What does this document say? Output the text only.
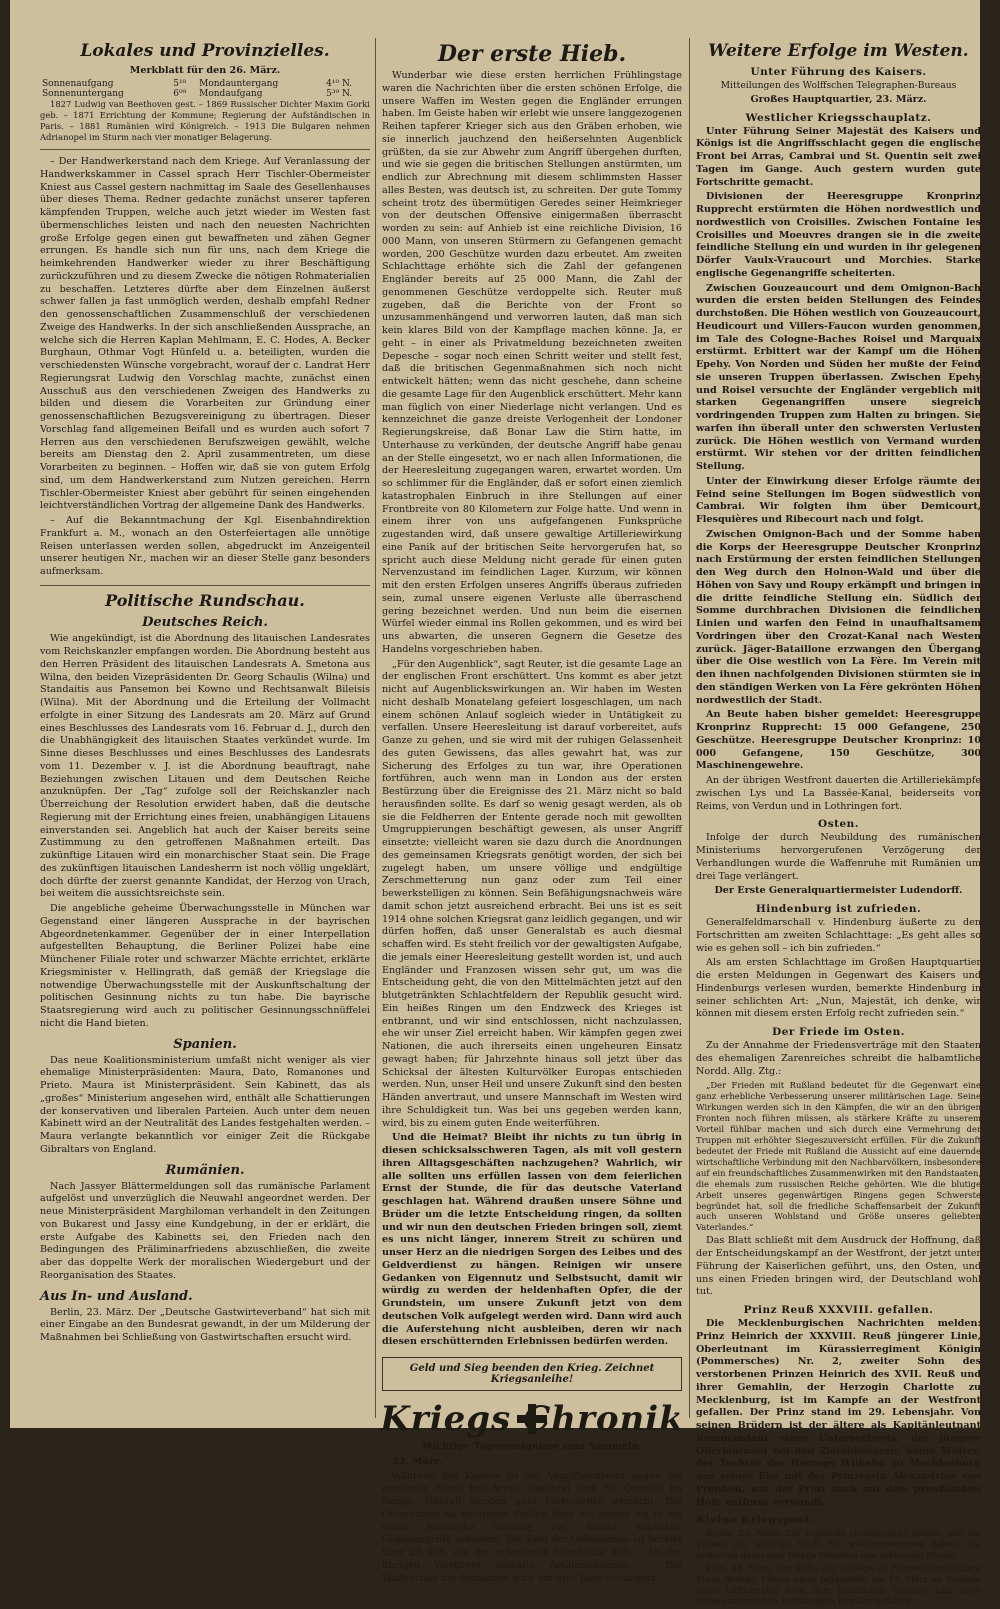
Lokales und Provinzielles.

Merkblatt für den 26. März.

Sonnenaufgang	5¹⁸	Mondauntergang	4¹⁰ N.
Sonnenuntergang	6⁰⁹	Mondaufgang	5³⁹ N.

1827 Ludwig van Beethoven gest. – 1869 Russischer Dichter Maxim Gorki geb. – 1871 Errichtung der Kommune; Regierung der Aufständischen in Paris. – 1881 Rumänien wird Königreich. – 1913 Die Bulgaren nehmen Adrianopel im Sturm nach vier monatiger Belagerung.

– Der Handwerkerstand nach dem Kriege. Auf Veranlassung der Handwerkskammer in Cassel sprach Herr Tischler-Obermeister Kniest aus Cassel gestern nachmittag im Saale des Gesellenhauses über dieses Thema. Redner gedachte zunächst unserer tapferen kämpfenden Truppen, welche auch jetzt wieder im Westen fast übermenschliches leisten und nach den neuesten Nachrichten große Erfolge gegen einen gut bewaffneten und zähen Gegner errungen. Es handle sich nun für uns, nach dem Kriege die heimkehrenden Handwerker wieder zu ihrer Beschäftigung zurückzuführen und zu diesem Zwecke die nötigen Rohmaterialien zu beschaffen. Letzteres dürfte aber dem Einzelnen äußerst schwer fallen ja fast unmöglich werden, deshalb empfahl Redner den genossenschaftlichen Zusammenschluß der verschiedenen Zweige des Handwerks. In der sich anschließenden Aussprache, an welche sich die Herren Kaplan Mehlmann, E. C. Hodes, A. Becker Burghaun, Othmar Vogt Hünfeld u. a. beteiligten, wurden die verschiedensten Wünsche vorgebracht, worauf der c. Landrat Herr Regierungsrat Ludwig den Vorschlag machte, zunächst einen Ausschuß aus den verschiedenen Zweigen des Handwerks zu bilden und diesem die Vorarbeiten zur Gründung einer genossenschaftlichen Bezugsvereinigung zu übertragen. Dieser Vorschlag fand allgemeinen Beifall und es wurden auch sofort 7 Herren aus den verschiedenen Berufszweigen gewählt, welche bereits am Dienstag den 2. April zusammentreten, um diese Vorarbeiten zu beginnen. – Hoffen wir, daß sie von gutem Erfolg sind, um dem Handwerkerstand zum Nutzen gereichen. Herrn Tischler-Obermeister Kniest aber gebührt für seinen eingehenden leichtverständlichen Vortrag der allgemeine Dank des Handwerks.

– Auf die Bekanntmachung der Kgl. Eisenbahndirektion Frankfurt a. M., wonach an den Osterfeiertagen alle unnötige Reisen unterlassen werden sollen, abgedruckt im Anzeigenteil unserer heutigen Nr., machen wir an dieser Stelle ganz besonders aufmerksam.

Politische Rundschau.
Deutsches Reich.

Wie angekündigt, ist die Abordnung des litauischen Landesrates vom Reichskanzler empfangen worden. Die Abordnung besteht aus den Herren Präsident des litauischen Landesrats A. Smetona aus Wilna, den beiden Vizepräsidenten Dr. Georg Schaulis (Wilna) und Standaitis aus Pansemon bei Kowno und Rechtsanwalt Bileisis (Wilna). Mit der Abordnung und die Erteilung der Vollmacht erfolgte in einer Sitzung des Landesrats am 20. März auf Grund eines Beschlusses des Landesrats vom 16. Februar d. J., durch den die Unabhängigkeit des litauischen Staates verkündet wurde. Im Sinne dieses Beschlusses und eines Beschlusses des Landesrats vom 11. Dezember v. J. ist die Abordnung beauftragt, nahe Beziehungen zwischen Litauen und dem Deutschen Reiche anzuknüpfen. Der „Tag“ zufolge soll der Reichskanzler nach Überreichung der Resolution erwidert haben, daß die deutsche Regierung mit der Errichtung eines freien, unabhängigen Litauens einverstanden sei. Angeblich hat auch der Kaiser bereits seine Zustimmung zu den getroffenen Maßnahmen erteilt. Das zukünftige Litauen wird ein monarchischer Staat sein. Die Frage des zukünftigen litauischen Landesherrn ist noch völlig ungeklärt, doch dürfte der zuerst genannte Kandidat, der Herzog von Urach, bei weitem die aussichtsreichste sein.

Die angebliche geheime Überwachungsstelle in München war Gegenstand einer längeren Aussprache in der bayrischen Abgeordnetenkammer. Gegenüber der in einer Interpellation aufgestellten Behauptung, die Berliner Polizei habe eine Münchener Filiale roter und schwarzer Mächte errichtet, erklärte Kriegsminister v. Hellingrath, daß gemäß der Kriegslage die notwendige Überwachungsstelle mit der Auskunftschaltung der politischen Gesinnung nichts zu tun habe. Die bayrische Staatsregierung wird auch zu politischer Gesinnungsschnüffelei nicht die Hand bieten.

Spanien.

Das neue Koalitionsministerium umfaßt nicht weniger als vier ehemalige Ministerpräsidenten: Maura, Dato, Romanones und Prieto. Maura ist Ministerpräsident. Sein Kabinett, das als „großes“ Ministerium angesehen wird, enthält alle Schattierungen der konservativen und liberalen Parteien. Auch unter dem neuen Kabinett wird an der Neutralität des Landes festgehalten werden. – Maura verlangte bekanntlich vor einiger Zeit die Rückgabe Gibraltars von England.

Rumänien.

Nach Jassyer Blättermeldungen soll das rumänische Parlament aufgelöst und unverzüglich die Neuwahl angeordnet werden. Der neue Ministerpräsident Marghiloman verhandelt in den Zeitungen von Bukarest und Jassy eine Kundgebung, in der er erklärt, die erste Aufgabe des Kabinetts sei, den Frieden nach den Bedingungen des Präliminarfriedens abzuschließen, die zweite aber das doppelte Werk der moralischen Wiedergeburt und der Reorganisation des Staates.

Aus In- und Ausland.

Berlin, 23. März. Der „Deutsche Gastwirteverband“ hat sich mit einer Eingabe an den Bundesrat gewandt, in der um Milderung der Maßnahmen bei Schließung von Gastwirtschaften ersucht wird.

Der erste Hieb.

Wunderbar wie diese ersten herrlichen Frühlingstage waren die Nachrichten über die ersten schönen Erfolge, die unsere Waffen im Westen gegen die Engländer errungen haben. Im Geiste haben wir erlebt wie unsere langgezogenen Reihen tapferer Krieger sich aus den Gräben erhoben, wie sie innerlich jauchzend den heißersehnten Augenblick grüßten, da sie zur Abwehr zum Angriff übergehen durften, und wie sie gegen die britischen Stellungen anstürmten, um endlich zur Abrechnung mit diesem schlimmsten Hasser alles Besten, was deutsch ist, zu schreiten. Der gute Tommy scheint trotz des übermütigen Geredes seiner Heimkrieger von der deutschen Offensive einigermaßen überrascht worden zu sein: auf Anhieb ist eine reichliche Division, 16 000 Mann, von unseren Stürmern zu Gefangenen gemacht worden, 200 Geschütze wurden dazu erbeutet. Am zweiten Schlachttage erhöhte sich die Zahl der gefangenen Engländer bereits auf 25 000 Mann, die Zahl der genommenen Geschütze verdoppelte sich. Reuter muß zugeben, daß die Berichte von der Front so unzusammenhängend und verworren lauten, daß man sich kein klares Bild von der Kampflage machen könne. Ja, er geht – in einer als Privatmeldung bezeichneten zweiten Depesche – sogar noch einen Schritt weiter und stellt fest, daß die britischen Gegenmaßnahmen sich noch nicht entwickelt hätten; wenn das nicht geschehe, dann scheine die gesamte Lage für den Augenblick erschüttert. Mehr kann man füglich von einer Niederlage nicht verlangen. Und es kennzeichnet die ganze dreiste Verlogenheit der Londoner Regierungskreise, daß Bonar Law die Stirn hatte, im Unterhause zu verkünden, der deutsche Angriff habe genau an der Stelle eingesetzt, wo er nach allen Informationen, die der Heeresleitung zugegangen waren, erwartet worden. Um so schlimmer für die Engländer, daß er sofort einen ziemlich katastrophalen Einbruch in ihre Stellungen auf einer Frontbreite von 80 Kilometern zur Folge hatte. Und wenn in einem ihrer von uns aufgefangenen Funksprüche zugestanden wird, daß unsere gewaltige Artilleriewirkung eine Panik auf der britischen Seite hervorgerufen hat, so spricht auch diese Meldung nicht gerade für einen guten Nervenzustand im feindlichen Lager. Kurzum, wir können mit den ersten Erfolgen unseres Angriffs überaus zufrieden sein, zumal unsere eigenen Verluste alle überraschend gering bezeichnet werden. Und nun beim die eisernen Würfel wieder einmal ins Rollen gekommen, und es wird bei uns abwarten, die unseren Gegnern die Gesetze des Handelns vorgeschrieben haben.

„Für den Augenblick“, sagt Reuter, ist die gesamte Lage an der englischen Front erschüttert. Uns kommt es aber jetzt nicht auf Augenblickswirkungen an. Wir haben im Westen nicht deshalb Monatelang gefeiert losgeschlagen, um nach einem schönen Anlauf sogleich wieder in Untätigkeit zu verfallen. Unsere Heeresleitung ist darauf vorbereitet, aufs Ganze zu gehen, und sie wird mit der ruhigen Gelassenheit des guten Gewissens, das alles gewahrt hat, was zur Sicherung des Erfolges zu tun war, ihre Operationen fortführen, auch wenn man in London aus der ersten Bestürzung über die Ereignisse des 21. März nicht so bald herausfinden sollte. Es darf so wenig gesagt werden, als ob sie die Feldherren der Entente gerade noch mit gewollten Umgruppierungen beschäftigt gewesen, als unser Angriff einsetzte; vielleicht waren sie dazu durch die Anordnungen des gemeinsamen Kriegsrats genötigt worden, der sich bei zugelegt haben, um unsere völlige und endgültige Zerschmetterung nun ganz oder zum Teil einer bewerkstelligen zu können. Sein Befähigungsnachweis wäre damit schon jetzt ausreichend erbracht. Bei uns ist es seit 1914 ohne solchen Kriegsrat ganz leidlich gegangen, und wir dürfen hoffen, daß unser Generalstab es auch diesmal schaffen wird. Es steht freilich vor der gewaltigsten Aufgabe, die jemals einer Heeresleitung gestellt worden ist, und auch Engländer und Franzosen wissen sehr gut, um was die Entscheidung geht, die von den Mittelmächten jetzt auf den blutgetränkten Schlachtfeldern der Republik gesucht wird. Ein heißes Ringen um den Endzweck des Krieges ist entbrannt, und wir sind entschlossen, nicht nachzulassen, ehe wir unser Ziel erreicht haben. Wir kämpfen gegen zwei Nationen, die auch ihrerseits einen ungeheuren Einsatz gewagt haben; für Jahrzehnte hinaus soll jetzt über das Schicksal der ältesten Kulturvölker Europas entschieden werden. Nun, unser Heil und unsere Zukunft sind den besten Händen anvertraut, und unsere Mannschaft im Westen wird ihre Schuldigkeit tun. Was bei uns gegeben werden kann, wird, bis zu einem guten Ende weiterführen.

Und die Heimat? Bleibt ihr nichts zu tun übrig in diesen schicksalsschweren Tagen, als mit voll gestern ihren Alltagsgeschäften nachzugehen? Wahrlich, wir alle sollten uns erfüllen lassen von dem feierlichen Ernst der Stunde, die für das deutsche Vaterland geschlagen hat. Während draußen unsere Söhne und Brüder um die letzte Entscheidung ringen, da sollten und wir nun den deutschen Frieden bringen soll, ziemt es uns nicht länger, innerem Streit zu schüren und unser Herz an die niedrigen Sorgen des Leibes und des Geldverdienst zu hängen. Reinigen wir unsere Gedanken von Eigennutz und Selbstsucht, damit wir würdig zu werden der heldenhaften Opfer, die der Grundstein, um unsere Zukunft jetzt von dem deutschen Volk aufgelegt werden wird. Dann wird auch die Auferstehung nicht ausbleiben, deren wir nach diesen erschütternden Erlebnissen bedürfen werden.

Geld und Sieg beenden den Krieg. Zeichnet Kriegsanleihe!
Kriegs Chronik

Wichtige Tagesereignisse zum Sammeln.

23. März.

Während des Kaisers ist die Angriffsschlacht gegen die englische Front bei Arras, Cambrai und St. Quentin im Gange. Überall werden gute Fortschritte gemacht. Die Ortschaften an mehreren Stellen über die zweite bis in die dritte feindliche Stellung vor. Starke englische Gegenangriffe scheitern. Die Zahl der Gefangenen ist bereits über 25 000, die der erbeuteten Geschütze 400. – An der übrigen Westfront lebhafte Artilleriekämpfe. – Die Waffenruhe mit Rumänien wird um drei Tage verlängert.

Weitere Erfolge im Westen.
Unter Führung des Kaisers.

Mitteilungen des Wolffschen Telegraphen-Bureaus

Großes Hauptquartier, 23. März.

Westlicher Kriegsschauplatz.

Unter Führung Seiner Majestät des Kaisers und Königs ist die Angriffsschlacht gegen die englische Front bei Arras, Cambrai und St. Quentin seit zwei Tagen im Gange. Auch gestern wurden gute Fortschritte gemacht.

Divisionen der Heeresgruppe Kronprinz Rupprecht erstürmten die Höhen nordwestlich und nordwestlich von Croisilles. Zwischen Fontaine les Croisilles und Moeuvres drangen sie in die zweite feindliche Stellung ein und wurden in ihr gelegenen Dörfer Vaulx-Vraucourt und Morchies. Starke englische Gegenangriffe scheiterten.

Zwischen Gouzeaucourt und dem Omignon-Bach wurden die ersten beiden Stellungen des Feindes durchstoßen. Die Höhen westlich von Gouzeaucourt, Heudicourt und Villers-Faucon wurden genommen, im Tale des Cologne-Baches Roisel und Marquaix erstürmt. Erbittert war der Kampf um die Höhen Epehy. Von Norden und Süden her mußte der Feind sie unseren Truppen überlassen. Zwischen Epehy und Roisel versuchte der Engländer vergeblich mit starken Gegenangriffen unsere siegreich vordringenden Truppen zum Halten zu bringen. Sie warfen ihn überall unter den schwersten Verlusten zurück. Die Höhen westlich von Vermand wurden erstürmt. Wir stehen vor der dritten feindlichen Stellung.

Unter der Einwirkung dieser Erfolge räumte der Feind seine Stellungen im Bogen südwestlich von Cambrai. Wir folgten ihm über Demicourt, Flesquières und Ribecourt nach und folgt.

Zwischen Omignon-Bach und der Somme haben die Korps der Heeresgruppe Deutscher Kronprinz nach Erstürmung der ersten feindlichen Stellungen den Weg durch den Holnon-Wald und über die Höhen von Savy und Roupy erkämpft und bringen in die dritte feindliche Stellung ein. Südlich der Somme durchbrachen Divisionen die feindlichen Linien und warfen den Feind in unaufhaltsamem Vordringen über den Crozat-Kanal nach Westen zurück. Jäger-Bataillone erzwangen den Übergang über die Oise westlich von La Fère. Im Verein mit den ihnen nachfolgenden Divisionen stürmten sie in den ständigen Werken von La Fère gekrönten Höhen nordwestlich der Stadt.

An Beute haben bisher gemeldet: Heeresgruppe Kronprinz Rupprecht: 15 000 Gefangene, 250 Geschütze. Heeresgruppe Deutscher Kronprinz: 10 000 Gefangene, 150 Geschütze, 300 Maschinengewehre.

An der übrigen Westfront dauerten die Artilleriekämpfe zwischen Lys und La Bassée-Kanal, beiderseits von Reims, von Verdun und in Lothringen fort.

Osten.

Infolge der durch Neubildung des rumänischen Ministeriums hervorgerufenen Verzögerung der Verhandlungen wurde die Waffenruhe mit Rumänien um drei Tage verlängert.

Der Erste Generalquartiermeister Ludendorff.

Hindenburg ist zufrieden.

Generalfeldmarschall v. Hindenburg äußerte zu den Fortschritten am zweiten Schlachttage: „Es geht alles so wie es gehen soll – ich bin zufrieden.“

Als am ersten Schlachttage im Großen Hauptquartier die ersten Meldungen in Gegenwart des Kaisers und Hindenburgs verlesen wurden, bemerkte Hindenburg in seiner schlichten Art: „Nun, Majestät, ich denke, wir können mit diesem ersten Erfolg recht zufrieden sein.“

Der Friede im Osten.

Zu der Annahme der Friedensverträge mit den Staaten des ehemaligen Zarenreiches schreibt die halbamtliche Nordd. Allg. Ztg.:

„Der Frieden mit Rußland bedeutet für die Gegenwart eine ganz erhebliche Verbesserung unserer militärischen Lage. Seine Wirkungen werden sich in den Kämpfen, die wir an den übrigen Fronten noch führen müssen, als stärkere Kräfte zu unserem Vorteil fühlbar machen und sich durch eine Vermehrung der Truppen mit erhöhter Siegeszuversicht erfüllen. Für die Zukunft bedeutet der Friede mit Rußland die Aussicht auf eine dauernde wirtschaftliche Verbindung mit den Nachbarvölkern, insbesondere auf ein freundschaftliches Zusammenwirken mit den Randstaaten, die ehemals zum russischen Reiche gehörten. Wie die blutige Arbeit unseres gegenwärtigen Ringens gegen Schwerste begründet hat, soll die friedliche Schaffensarbeit der Zukunft auch unseren Wohlstand und Größe unseres geliebten Vaterlandes.“

Das Blatt schließt mit dem Ausdruck der Hoffnung, daß der Entscheidungskampf an der Westfront, der jetzt unter Führung der Kaiserlichen geführt, uns, den Osten, und uns einen Frieden bringen wird, der Deutschland wohl tut.

Prinz Reuß XXXVIII. gefallen.

Die Mecklenburgischen Nachrichten melden: Prinz Heinrich der XXXVIII. Reuß jüngerer Linie, Oberleutnant im Kürassierregiment Königin (Pommersches) Nr. 2, zweiter Sohn des verstorbenen Prinzen Heinrich des XVII. Reuß und ihrer Gemahlin, der Herzogin Charlotte zu Mecklenburg, ist im Kampfe an der Westfront gefallen. Der Prinz stand im 29. Lebensjahr. Von seinen Brüdern ist der ältere als Kapitänleutnant Kommandant eines Unterseeboots, der jüngere Oberleutnant bei den Zietenhusaren. Seine Mutter, der Tochter des Herzogs Wilhelm zu Mecklenburg aus seiner Ehe mit der Prinzessin Alexandrine von Preußen, war der Prinz auch mit dem preußischen Hofe entfernt verwandt.

Kleine Kriegspost.

Berlin, 23. März. Der englische Orientbericht meldet, daß die Türken die wichtige Stadt Hit wiedergenommen haben. Sie eroberten dabei eine Menge Munition und zahlreiche Pferde.

Köln, 23. März. Der Köln. Ztg. zufolge ist Flieger-Oberleutnant Franz Bethge, Führer einer Jagdstaffel, am 17. März im Verlaufe eines Luftkampfes über dem feindlichen Gelände bald nach seinem zahlreichen Luftkämpfen bewährt gefallen.
